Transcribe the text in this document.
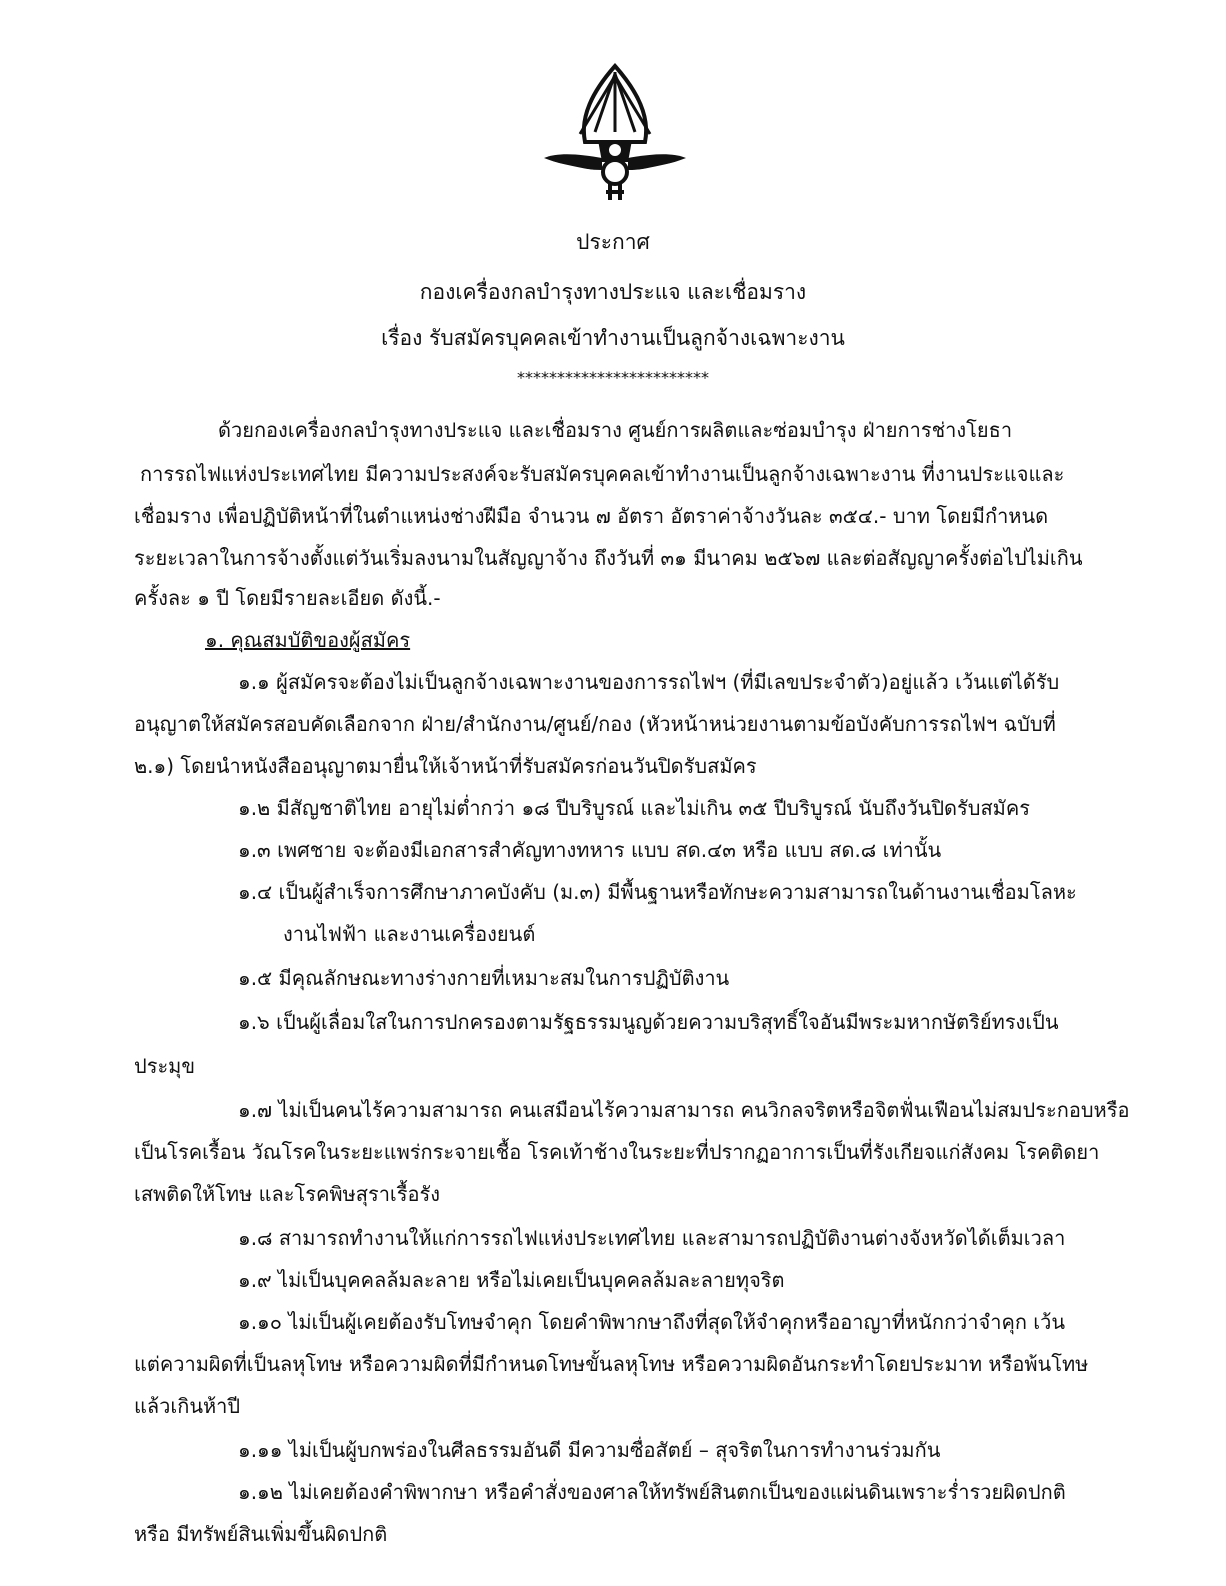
ประกาศ
กองเครื่องกลบำรุงทางประแจ และเชื่อมราง
เรื่อง รับสมัครบุคคลเข้าทำงานเป็นลูกจ้างเฉพาะงาน
************************
ด้วยกองเครื่องกลบำรุงทางประแจ และเชื่อมราง ศูนย์การผลิตและซ่อมบำรุง ฝ่ายการช่างโยธา
การรถไฟแห่งประเทศไทย มีความประสงค์จะรับสมัครบุคคลเข้าทำงานเป็นลูกจ้างเฉพาะงาน ที่งานประแจและ
เชื่อมราง เพื่อปฏิบัติหน้าที่ในตำแหน่งช่างฝีมือ จำนวน ๗ อัตรา อัตราค่าจ้างวันละ ๓๕๔.- บาท โดยมีกำหนด
ระยะเวลาในการจ้างตั้งแต่วันเริ่มลงนามในสัญญาจ้าง ถึงวันที่ ๓๑ มีนาคม ๒๕๖๗ และต่อสัญญาครั้งต่อไปไม่เกิน
ครั้งละ ๑ ปี โดยมีรายละเอียด ดังนี้.-
๑. คุณสมบัติของผู้สมัคร
๑.๑ ผู้สมัครจะต้องไม่เป็นลูกจ้างเฉพาะงานของการรถไฟฯ (ที่มีเลขประจำตัว)อยู่แล้ว เว้นแต่ได้รับ
อนุญาตให้สมัครสอบคัดเลือกจาก ฝ่าย/สำนักงาน/ศูนย์/กอง (หัวหน้าหน่วยงานตามข้อบังคับการรถไฟฯ ฉบับที่
๒.๑) โดยนำหนังสืออนุญาตมายื่นให้เจ้าหน้าที่รับสมัครก่อนวันปิดรับสมัคร
๑.๒ มีสัญชาติไทย อายุไม่ต่ำกว่า ๑๘ ปีบริบูรณ์ และไม่เกิน ๓๕ ปีบริบูรณ์ นับถึงวันปิดรับสมัคร
๑.๓ เพศชาย จะต้องมีเอกสารสำคัญทางทหาร แบบ สด.๔๓ หรือ แบบ สด.๘ เท่านั้น
๑.๔ เป็นผู้สำเร็จการศึกษาภาคบังคับ (ม.๓) มีพื้นฐานหรือทักษะความสามารถในด้านงานเชื่อมโลหะ
งานไฟฟ้า และงานเครื่องยนต์
๑.๕ มีคุณลักษณะทางร่างกายที่เหมาะสมในการปฏิบัติงาน
๑.๖ เป็นผู้เลื่อมใสในการปกครองตามรัฐธรรมนูญด้วยความบริสุทธิ์ใจอันมีพระมหากษัตริย์ทรงเป็น
ประมุข
๑.๗ ไม่เป็นคนไร้ความสามารถ คนเสมือนไร้ความสามารถ คนวิกลจริตหรือจิตฟั่นเฟือนไม่สมประกอบหรือ
เป็นโรคเรื้อน วัณโรคในระยะแพร่กระจายเชื้อ โรคเท้าช้างในระยะที่ปรากฏอาการเป็นที่รังเกียจแก่สังคม โรคติดยา
เสพติดให้โทษ และโรคพิษสุราเรื้อรัง
๑.๘ สามารถทำงานให้แก่การรถไฟแห่งประเทศไทย และสามารถปฏิบัติงานต่างจังหวัดได้เต็มเวลา
๑.๙ ไม่เป็นบุคคลล้มละลาย หรือไม่เคยเป็นบุคคลล้มละลายทุจริต
๑.๑๐ ไม่เป็นผู้เคยต้องรับโทษจำคุก โดยคำพิพากษาถึงที่สุดให้จำคุกหรืออาญาที่หนักกว่าจำคุก เว้น
แต่ความผิดที่เป็นลหุโทษ หรือความผิดที่มีกำหนดโทษขั้นลหุโทษ หรือความผิดอันกระทำโดยประมาท หรือพ้นโทษ
แล้วเกินห้าปี
๑.๑๑ ไม่เป็นผู้บกพร่องในศีลธรรมอันดี มีความซื่อสัตย์ – สุจริตในการทำงานร่วมกัน
๑.๑๒ ไม่เคยต้องคำพิพากษา หรือคำสั่งของศาลให้ทรัพย์สินตกเป็นของแผ่นดินเพราะร่ำรวยผิดปกติ
หรือ มีทรัพย์สินเพิ่มขึ้นผิดปกติ
